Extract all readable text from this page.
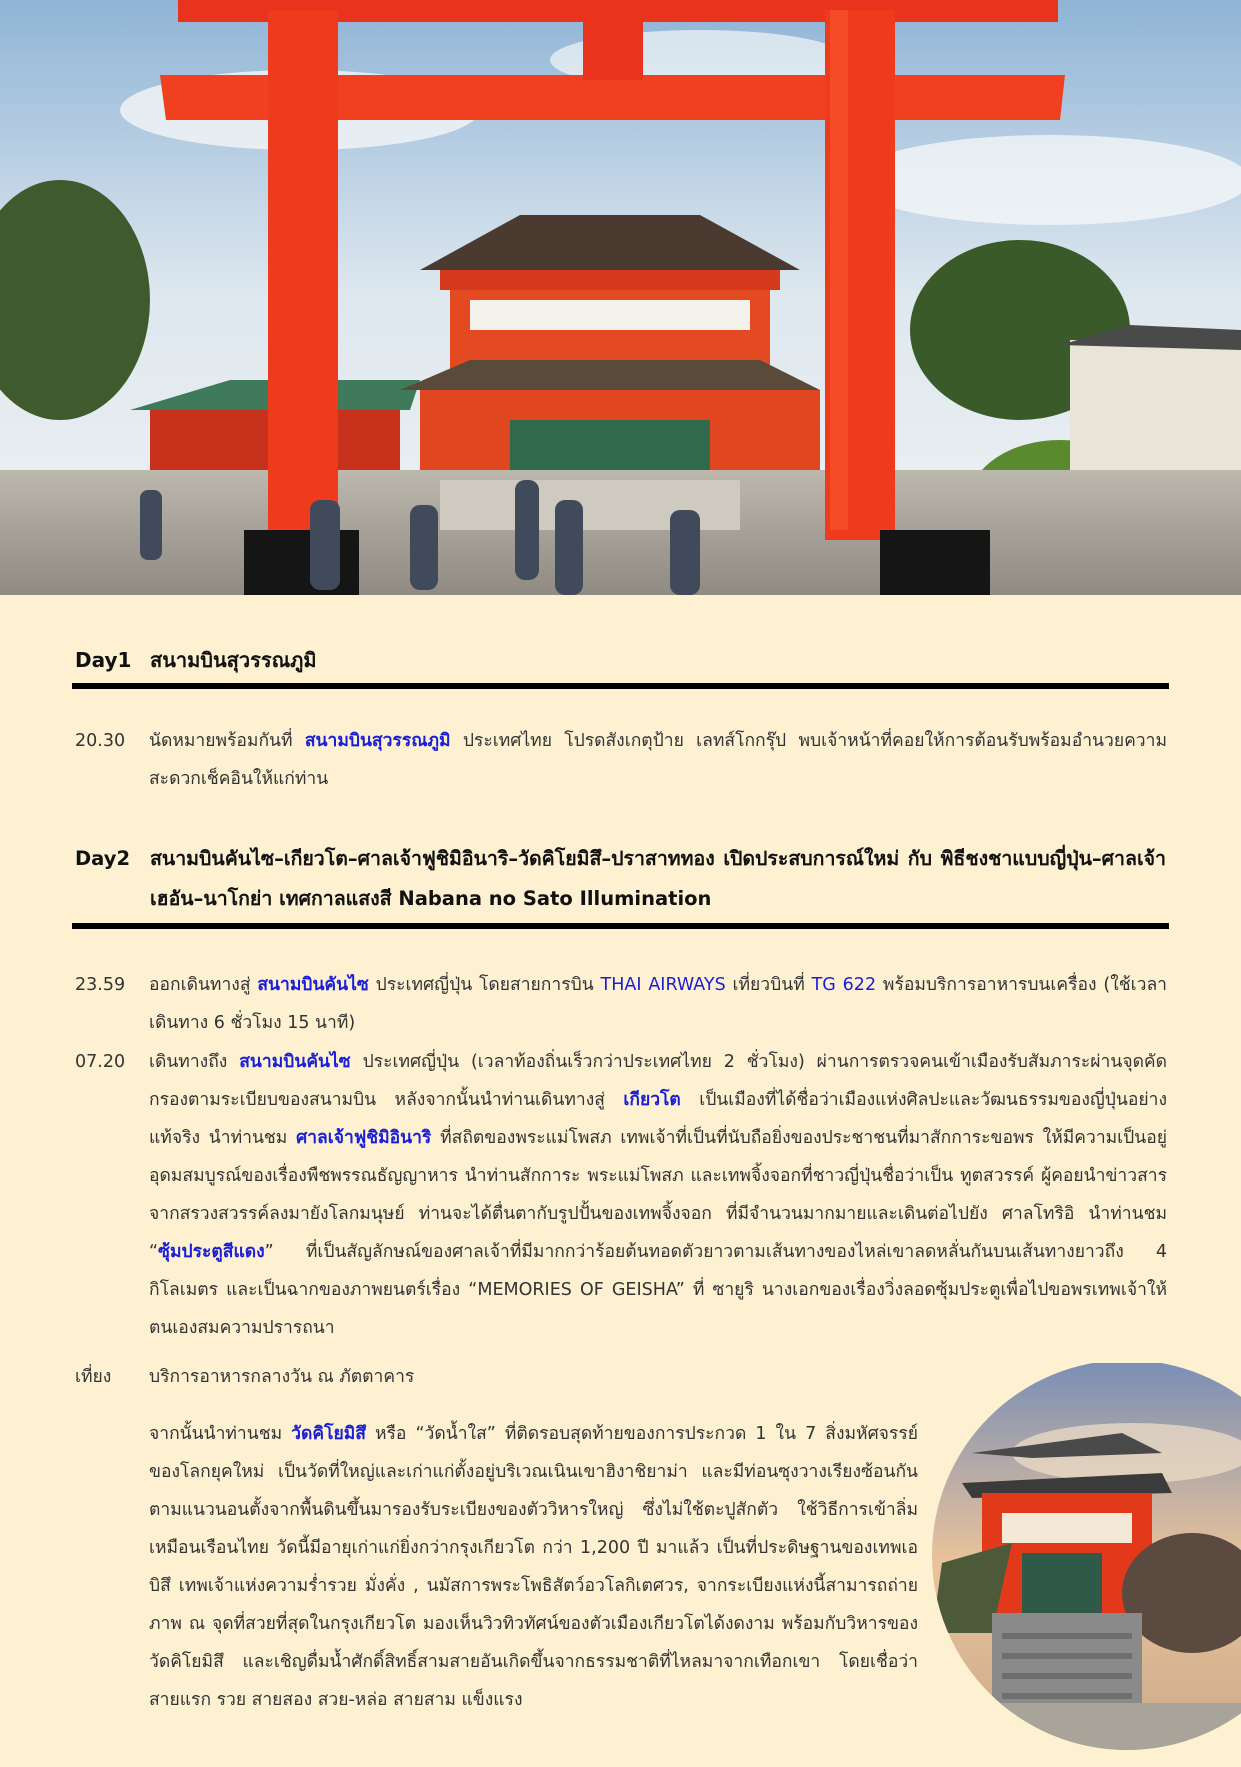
Day1 สนามบินสุวรรณภูมิ
20.30 นัดหมายพร้อมกันที่ สนามบินสุวรรณภูมิ ประเทศไทย โปรดสังเกตุป้าย เลทส์โกกรุ๊ป พบเจ้าหน้าที่คอยให้การต้อนรับพร้อมอำนวยความสะดวกเช็คอินให้แก่ท่าน
Day2 สนามบินคันไซ–เกียวโต–ศาลเจ้าฟูชิมิอินาริ–วัดคิโยมิสึ–ปราสาททอง เปิดประสบการณ์ใหม่ กับ พิธีชงชาแบบญี่ปุ่น–ศาลเจ้าเฮอัน–นาโกย่า เทศกาลแสงสี Nabana no Sato Illumination
23.59 ออกเดินทางสู่ สนามบินคันไซ ประเทศญี่ปุ่น โดยสายการบิน THAI AIRWAYS เที่ยวบินที่ TG 622 พร้อมบริการอาหารบนเครื่อง (ใช้เวลาเดินทาง 6 ชั่วโมง 15 นาที)
07.20 เดินทางถึง สนามบินคันไซ ประเทศญี่ปุ่น (เวลาท้องถิ่นเร็วกว่าประเทศไทย 2 ชั่วโมง) ผ่านการตรวจคนเข้าเมืองรับสัมภาระผ่านจุดคัดกรองตามระเบียบของสนามบิน หลังจากนั้นนำท่านเดินทางสู่ เกียวโต เป็นเมืองที่ได้ชื่อว่าเมืองแห่งศิลปะและวัฒนธรรมของญี่ปุ่นอย่างแท้จริง นำท่านชม ศาลเจ้าฟูชิมิอินาริ ที่สถิตของพระแม่โพสภ เทพเจ้าที่เป็นที่นับถือยิ่งของประชาชนที่มาสักการะขอพร ให้มีความเป็นอยู่อุดมสมบูรณ์ของเรื่องพืชพรรณธัญญาหาร นำท่านสักการะ พระแม่โพสภ และเทพจิ้งจอกที่ชาวญี่ปุ่นชื่อว่าเป็น ทูตสวรรค์ ผู้คอยนำข่าวสารจากสรวงสวรรค์ลงมายังโลกมนุษย์ ท่านจะได้ตื่นตากับรูปปั้นของเทพจิ้งจอก ที่มีจำนวนมากมายและเดินต่อไปยัง ศาลโทริอิ นำท่านชม “ซุ้มประตูสีแดง” ที่เป็นสัญลักษณ์ของศาลเจ้าที่มีมากกว่าร้อยต้นทอดตัวยาวตามเส้นทางของไหล่เขาลดหลั่นกันบนเส้นทางยาวถึง 4 กิโลเมตร และเป็นฉากของภาพยนตร์เรื่อง “MEMORIES OF GEISHA” ที่ ซายูริ นางเอกของเรื่องวิ่งลอดซุ้มประตูเพื่อไปขอพรเทพเจ้าให้ตนเองสมความปรารถนา
เที่ยง บริการอาหารกลางวัน ณ ภัตตาคาร
จากนั้นนำท่านชม วัดคิโยมิสึ หรือ “วัดน้ำใส” ที่ติดรอบสุดท้ายของการประกวด 1 ใน 7 สิ่งมหัศจรรย์ของโลกยุคใหม่ เป็นวัดที่ใหญ่และเก่าแก่ตั้งอยู่บริเวณเนินเขาฮิงาชิยาม่า และมีท่อนซุงวางเรียงซ้อนกันตามแนวนอนตั้งจากพื้นดินขึ้นมารองรับระเบียงของตัววิหารใหญ่ ซึ่งไม่ใช้ตะปูสักตัว ใช้วิธีการเข้าลิ่มเหมือนเรือนไทย วัดนี้มีอายุเก่าแก่ยิ่งกว่ากรุงเกียวโต กว่า 1,200 ปี มาแล้ว เป็นที่ประดิษฐานของเทพเอบิสึ เทพเจ้าแห่งความร่ำรวย มั่งคั่ง , นมัสการพระโพธิสัตว์อวโลกิเตศวร, จากระเบียงแห่งนี้สามารถถ่ายภาพ ณ จุดที่สวยที่สุดในกรุงเกียวโต มองเห็นวิวทิวทัศน์ของตัวเมืองเกียวโตได้งดงาม พร้อมกับวิหารของวัดคิโยมิสึ และเชิญดื่มน้ำศักดิ์สิทธิ์สามสายอันเกิดขึ้นจากธรรมชาติที่ไหลมาจากเทือกเขา โดยเชื่อว่า สายแรก รวย สายสอง สวย-หล่อ สายสาม แข็งแรง
